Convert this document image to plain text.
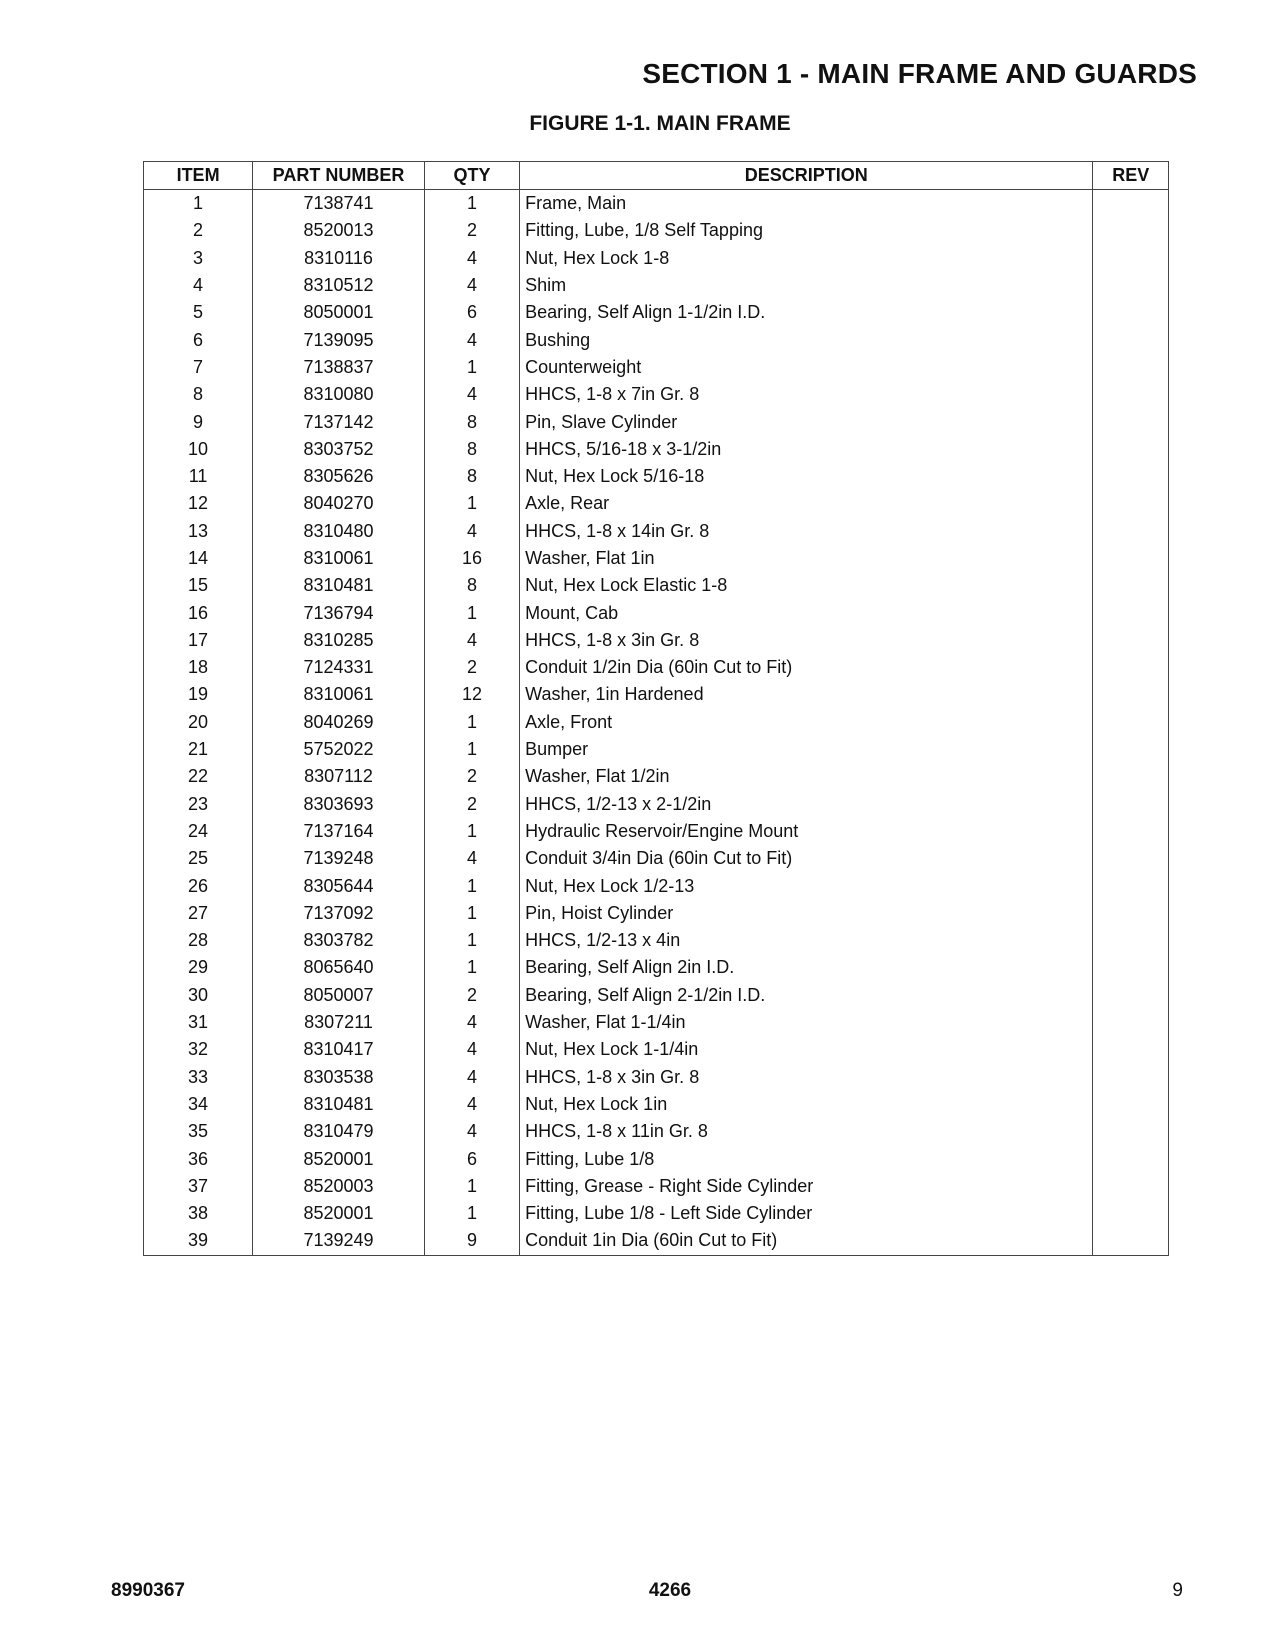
SECTION 1 - MAIN FRAME AND GUARDS
FIGURE 1-1. MAIN FRAME
ITEM	PART NUMBER	QTY	DESCRIPTION	REV
1	7138741	1	Frame, Main	
2	8520013	2	Fitting, Lube, 1/8 Self Tapping	
3	8310116	4	Nut, Hex Lock 1-8	
4	8310512	4	Shim	
5	8050001	6	Bearing, Self Align 1-1/2in I.D.	
6	7139095	4	Bushing	
7	7138837	1	Counterweight	
8	8310080	4	HHCS, 1-8 x 7in Gr. 8	
9	7137142	8	Pin, Slave Cylinder	
10	8303752	8	HHCS, 5/16-18 x 3-1/2in	
11	8305626	8	Nut, Hex Lock 5/16-18	
12	8040270	1	Axle, Rear	
13	8310480	4	HHCS, 1-8 x 14in Gr. 8	
14	8310061	16	Washer, Flat 1in	
15	8310481	8	Nut, Hex Lock Elastic 1-8	
16	7136794	1	Mount, Cab	
17	8310285	4	HHCS, 1-8 x 3in Gr. 8	
18	7124331	2	Conduit 1/2in Dia (60in Cut to Fit)	
19	8310061	12	Washer, 1in Hardened	
20	8040269	1	Axle, Front	
21	5752022	1	Bumper	
22	8307112	2	Washer, Flat 1/2in	
23	8303693	2	HHCS, 1/2-13 x 2-1/2in	
24	7137164	1	Hydraulic Reservoir/Engine Mount	
25	7139248	4	Conduit 3/4in Dia (60in Cut to Fit)	
26	8305644	1	Nut, Hex Lock 1/2-13	
27	7137092	1	Pin, Hoist Cylinder	
28	8303782	1	HHCS, 1/2-13 x 4in	
29	8065640	1	Bearing, Self Align 2in I.D.	
30	8050007	2	Bearing, Self Align 2-1/2in I.D.	
31	8307211	4	Washer, Flat 1-1/4in	
32	8310417	4	Nut, Hex Lock 1-1/4in	
33	8303538	4	HHCS, 1-8 x 3in Gr. 8	
34	8310481	4	Nut, Hex Lock 1in	
35	8310479	4	HHCS, 1-8 x 11in Gr. 8	
36	8520001	6	Fitting, Lube 1/8	
37	8520003	1	Fitting, Grease - Right Side Cylinder	
38	8520001	1	Fitting, Lube 1/8 - Left Side Cylinder	
39	7139249	9	Conduit 1in Dia (60in Cut to Fit)	
8990367	4266	9
